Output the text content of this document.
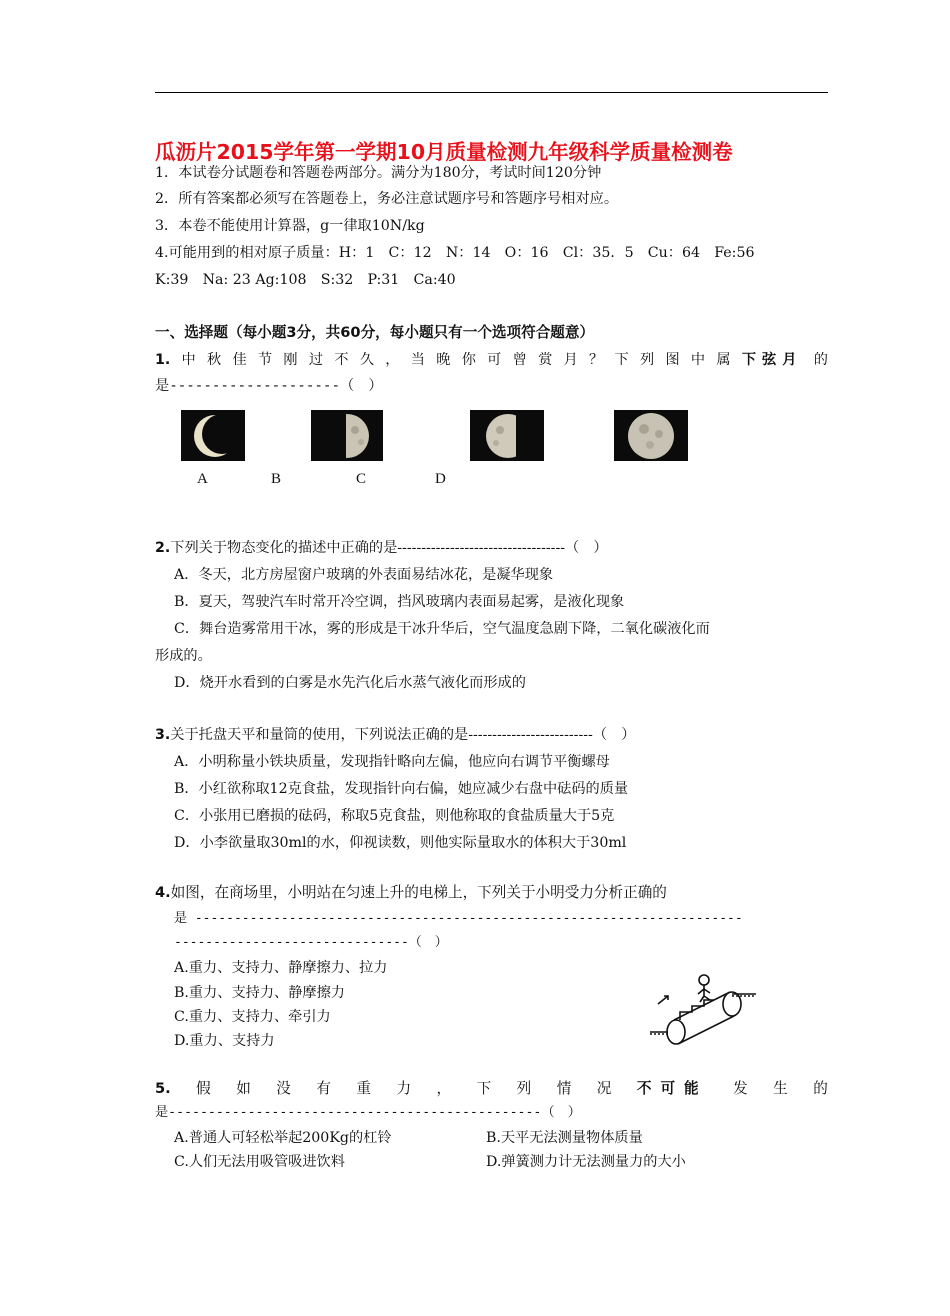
瓜沥片2015学年第一学期10月质量检测九年级科学质量检测卷
1．本试卷分试题卷和答题卷两部分。满分为180分，考试时间120分钟
2．所有答案都必须写在答题卷上，务必注意试题序号和答题序号相对应。
3．本卷不能使用计算器，g一律取10N/kg
4.可能用到的相对原子质量：H：1　C：12　N：14　O：16　Cl：35．5　Cu：64　Fe:56
K:39　Na: 23 Ag:108　S:32　P:31　Ca:40
一、选择题（每小题3分，共60分，每小题只有一个选项符合题意）
1. 中 秋 佳 节 刚 过 不 久 ， 当 晚 你 可 曾 赏 月 ？ 下 列 图 中 属 下弦月 的
是--------------------（　）
A	B	C	D
2.下列关于物态变化的描述中正确的是-----------------------------------（　）
A．冬天，北方房屋窗户玻璃的外表面易结冰花，是凝华现象
B．夏天，驾驶汽车时常开冷空调，挡风玻璃内表面易起雾，是液化现象
C．舞台造雾常用干冰，雾的形成是干冰升华后，空气温度急剧下降，二氧化碳液化而
形成的。
D．烧开水看到的白雾是水先汽化后水蒸气液化而形成的
3.关于托盘天平和量筒的使用，下列说法正确的是--------------------------（　）
A．小明称量小铁块质量，发现指针略向左偏，他应向右调节平衡螺母
B．小红欲称取12克食盐，发现指针向右偏，她应减少右盘中砝码的质量
C．小张用已磨损的砝码，称取5克食盐，则他称取的食盐质量大于5克
D．小李欲量取30ml的水，仰视读数，则他实际量取水的体积大于30ml
4.如图，在商场里，小明站在匀速上升的电梯上，下列关于小明受力分析正确的
是 ----------------------------------------------------------------------
------------------------------（　）
A.重力、支持力、静摩擦力、拉力
B.重力、支持力、静摩擦力
C.重力、支持力、牵引力
D.重力、支持力
5. 假 如 没 有 重 力 ， 下 列 情 况 不可能 发 生 的
是-----------------------------------------------（　）
A.普通人可轻松举起200Kg的杠铃	B.天平无法测量物体质量
C.人们无法用吸管吸进饮料	D.弹簧测力计无法测量力的大小
